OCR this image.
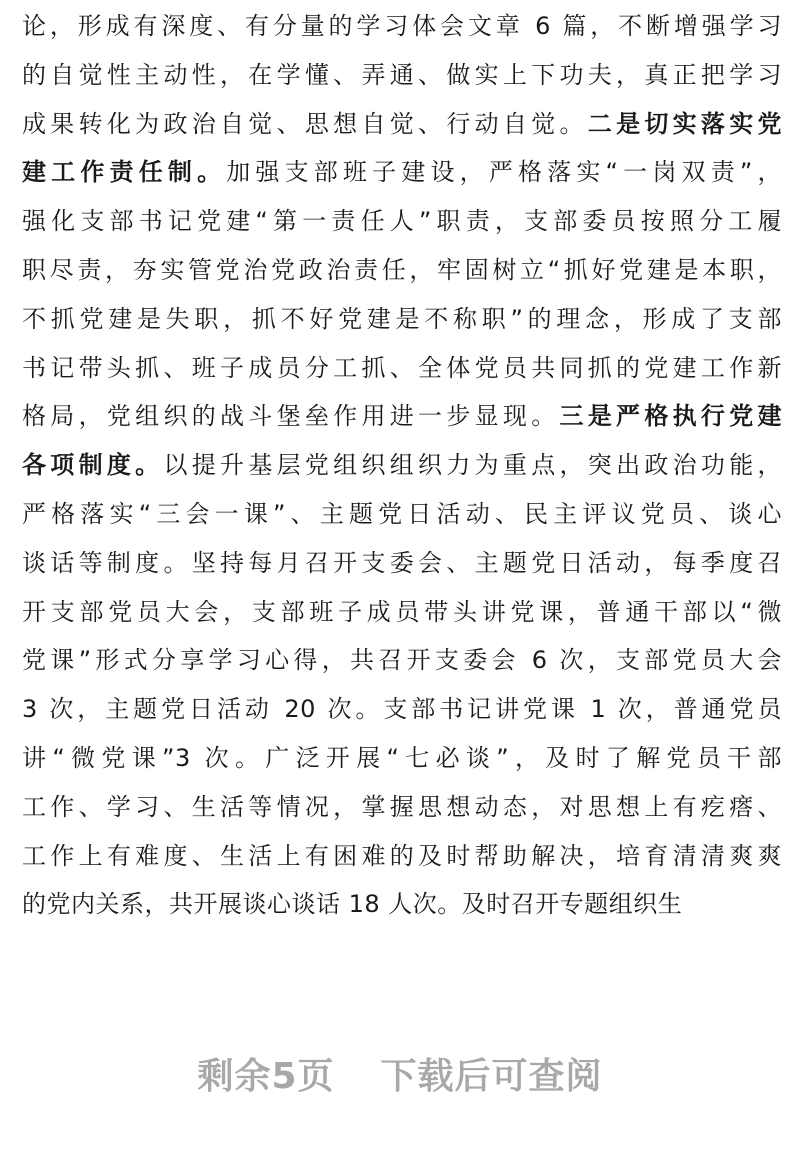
论，形成有深度、有分量的学习体会文章 6 篇，不断增强学习
的自觉性主动性，在学懂、弄通、做实上下功夫，真正把学习
成果转化为政治自觉、思想自觉、行动自觉。二是切实落实党
建工作责任制。加强支部班子建设，严格落实“一岗双责”，
强化支部书记党建“第一责任人”职责，支部委员按照分工履
职尽责，夯实管党治党政治责任，牢固树立“抓好党建是本职，
不抓党建是失职，抓不好党建是不称职”的理念，形成了支部
书记带头抓、班子成员分工抓、全体党员共同抓的党建工作新
格局，党组织的战斗堡垒作用进一步显现。三是严格执行党建
各项制度。以提升基层党组织组织力为重点，突出政治功能，
严格落实“三会一课”、主题党日活动、民主评议党员、谈心
谈话等制度。坚持每月召开支委会、主题党日活动，每季度召
开支部党员大会，支部班子成员带头讲党课，普通干部以“微
党课”形式分享学习心得，共召开支委会 6 次，支部党员大会
3 次，主题党日活动 20 次。支部书记讲党课 1 次，普通党员
讲“微党课”3 次。广泛开展“七必谈”，及时了解党员干部
工作、学习、生活等情况，掌握思想动态，对思想上有疙瘩、
工作上有难度、生活上有困难的及时帮助解决，培育清清爽爽
的党内关系，共开展谈心谈话 18 人次。及时召开专题组织生
剩余5页 下载后可查阅
